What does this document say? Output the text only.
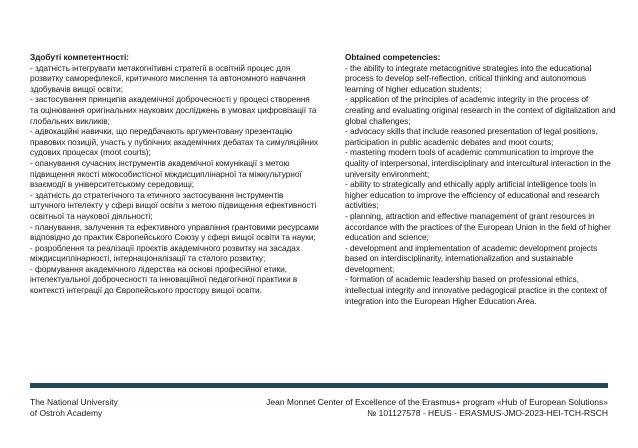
Здобуті компетентності:

- здатність інтегрувати метакогнітивні стратегії в освітній процес для розвитку саморефлексії, критичного мислення та автономного навчання здобувачів вищої освіти;
- застосування принципів академічної доброчесності у процесі створення та оцінювання оригінальних наукових досліджень в умовах цифровізації та глобальних викликів;
- адвокаційні навички, що передбачають аргументовану презентацію правових позицій, участь у публічних академічних дебатах та симуляційних судових процесах (moot courts);
- опанування сучасних інструментів академічної комунікації з метою підвищення якості міжособистісної міждисциплінарної та міжкультурної взаємодії в університетському середовищі;
- здатність до стратегічного та етичного застосування інструментів штучного інтелекту у сфері вищої освіти з метою підвищення ефективності освітньої та наукової діяльності;
- планування, залучення та ефективного управління грантовими ресурсами відповідно до практик Європейського Союзу у сфері вищої освіти та науки;
- розроблення та реалізації проєктів академічного розвитку на засадах міждисциплінарності, інтернаціоналізації та сталого розвитку;
- формування академічного лідерства на основі професійної етики, інтелектуальної доброчесності та інноваційної педагогічної практики в контексті інтеграції до Європейського простору вищої освіти.

Obtained competencies:

- the ability to integrate metacognitive strategies into the educational process to develop self-reflection, critical thinking and autonomous learning of higher education students;
- application of the principles of academic integrity in the process of creating and evaluating original research in the context of digitalization and global challenges;
- advocacy skills that include reasoned presentation of legal positions, participation in public academic debates and moot courts;
- mastering modern tools of academic communication to improve the quality of interpersonal, interdisciplinary and intercultural interaction in the university environment;
- ability to strategically and ethically apply artificial intelligence tools in higher education to improve the efficiency of educational and research activities;
- planning, attraction and effective management of grant resources in accordance with the practices of the European Union in the field of higher education and science;
- development and implementation of academic development projects based on interdisciplinarity, internationalization and sustainable development;
- formation of academic leadership based on professional ethics, intellectual integrity and innovative pedagogical practice in the context of integration into the European Higher Education Area.
The National University
of Ostroh Academy
Jean Monnet Center of Excellence of the Erasmus+ program «Hub of European Solutions»
№ 101127578 - HEUS - ERASMUS-JMO-2023-HEI-TCH-RSCH
